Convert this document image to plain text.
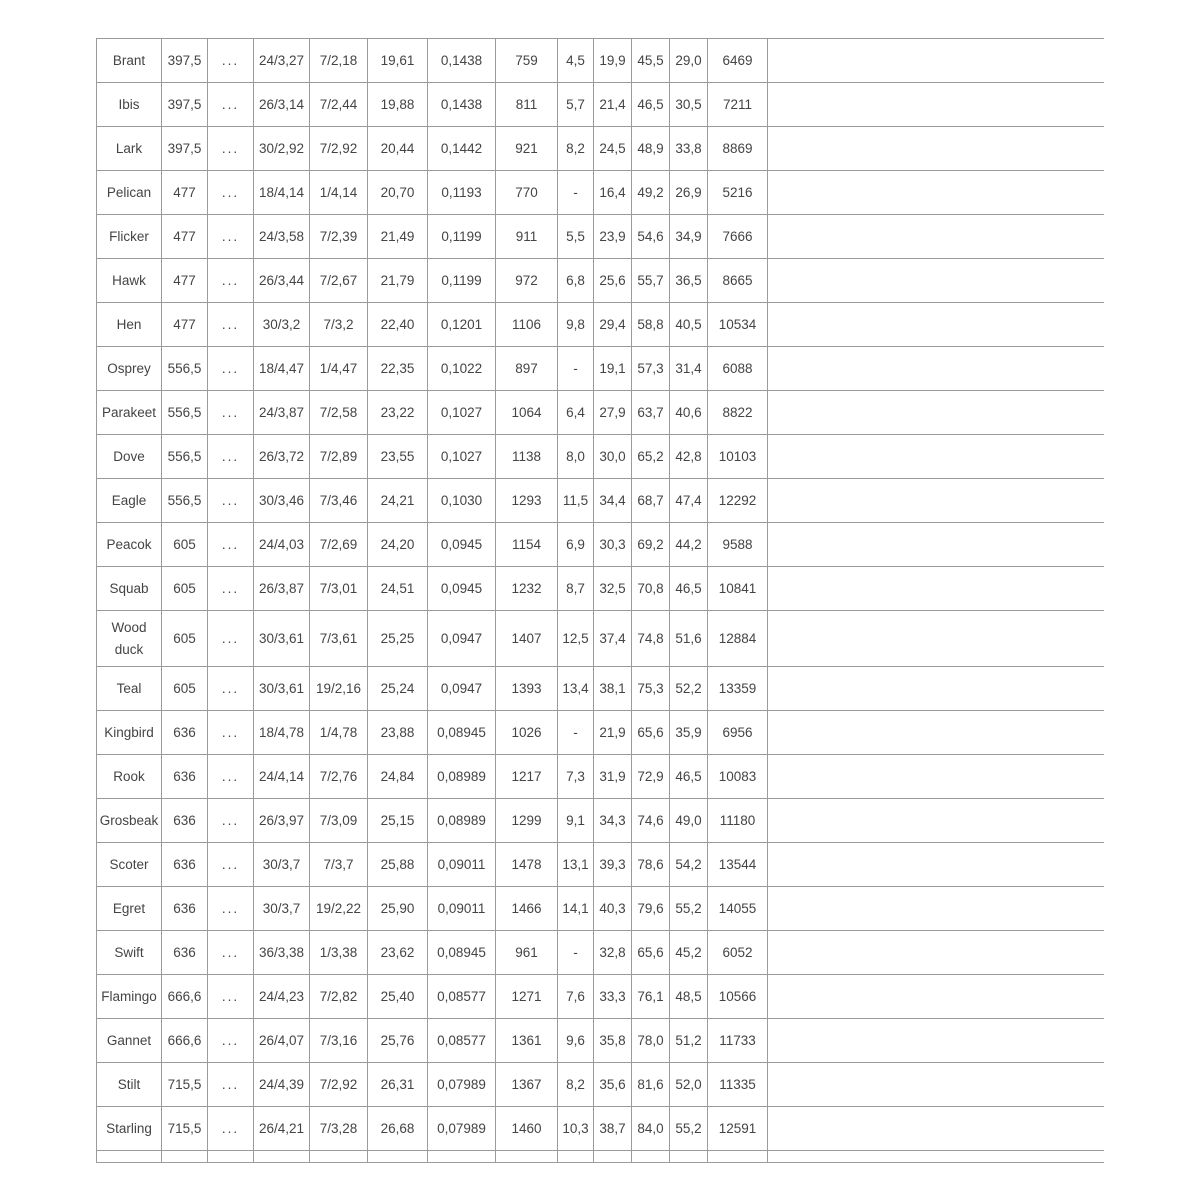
Brant	397,5	...	24/3,27	7/2,18	19,61	0,1438	759	4,5	19,9	45,5	29,0	6469	
Ibis	397,5	...	26/3,14	7/2,44	19,88	0,1438	811	5,7	21,4	46,5	30,5	7211	
Lark	397,5	...	30/2,92	7/2,92	20,44	0,1442	921	8,2	24,5	48,9	33,8	8869	
Pelican	477	...	18/4,14	1/4,14	20,70	0,1193	770	-	16,4	49,2	26,9	5216	
Flicker	477	...	24/3,58	7/2,39	21,49	0,1199	911	5,5	23,9	54,6	34,9	7666	
Hawk	477	...	26/3,44	7/2,67	21,79	0,1199	972	6,8	25,6	55,7	36,5	8665	
Hen	477	...	30/3,2	7/3,2	22,40	0,1201	1106	9,8	29,4	58,8	40,5	10534	
Osprey	556,5	...	18/4,47	1/4,47	22,35	0,1022	897	-	19,1	57,3	31,4	6088	
Parakeet	556,5	...	24/3,87	7/2,58	23,22	0,1027	1064	6,4	27,9	63,7	40,6	8822	
Dove	556,5	...	26/3,72	7/2,89	23,55	0,1027	1138	8,0	30,0	65,2	42,8	10103	
Eagle	556,5	...	30/3,46	7/3,46	24,21	0,1030	1293	11,5	34,4	68,7	47,4	12292	
Peacok	605	...	24/4,03	7/2,69	24,20	0,0945	1154	6,9	30,3	69,2	44,2	9588	
Squab	605	...	26/3,87	7/3,01	24,51	0,0945	1232	8,7	32,5	70,8	46,5	10841	
Wood duck	605	...	30/3,61	7/3,61	25,25	0,0947	1407	12,5	37,4	74,8	51,6	12884	
Teal	605	...	30/3,61	19/2,16	25,24	0,0947	1393	13,4	38,1	75,3	52,2	13359	
Kingbird	636	...	18/4,78	1/4,78	23,88	0,08945	1026	-	21,9	65,6	35,9	6956	
Rook	636	...	24/4,14	7/2,76	24,84	0,08989	1217	7,3	31,9	72,9	46,5	10083	
Grosbeak	636	...	26/3,97	7/3,09	25,15	0,08989	1299	9,1	34,3	74,6	49,0	11180	
Scoter	636	...	30/3,7	7/3,7	25,88	0,09011	1478	13,1	39,3	78,6	54,2	13544	
Egret	636	...	30/3,7	19/2,22	25,90	0,09011	1466	14,1	40,3	79,6	55,2	14055	
Swift	636	...	36/3,38	1/3,38	23,62	0,08945	961	-	32,8	65,6	45,2	6052	
Flamingo	666,6	...	24/4,23	7/2,82	25,40	0,08577	1271	7,6	33,3	76,1	48,5	10566	
Gannet	666,6	...	26/4,07	7/3,16	25,76	0,08577	1361	9,6	35,8	78,0	51,2	11733	
Stilt	715,5	...	24/4,39	7/2,92	26,31	0,07989	1367	8,2	35,6	81,6	52,0	11335	
Starling	715,5	...	26/4,21	7/3,28	26,68	0,07989	1460	10,3	38,7	84,0	55,2	12591	
